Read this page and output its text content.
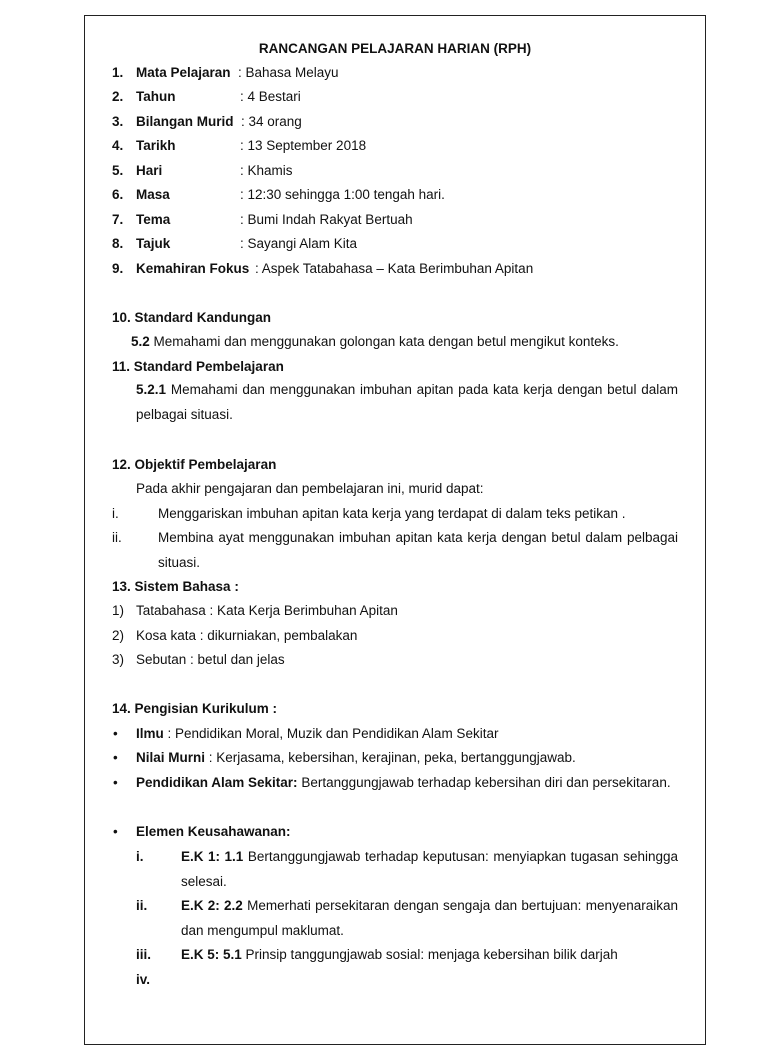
RANCANGAN PELAJARAN HARIAN (RPH)
1. Mata Pelajaran : Bahasa Melayu
2. Tahun	: 4 Bestari
3. Bilangan Murid : 34 orang
4. Tarikh	: 13 September 2018
5. Hari	: Khamis
6. Masa	: 12:30 sehingga 1:00 tengah hari.
7. Tema	: Bumi Indah Rakyat Bertuah
8. Tajuk	: Sayangi Alam Kita
9. Kemahiran Fokus : Aspek Tatabahasa – Kata Berimbuhan Apitan
10. Standard Kandungan
5.2 Memahami dan menggunakan golongan kata dengan betul mengikut konteks.
11. Standard Pembelajaran
5.2.1 Memahami dan menggunakan imbuhan apitan pada kata kerja dengan betul dalam pelbagai situasi.
12. Objektif Pembelajaran
Pada akhir pengajaran dan pembelajaran ini, murid dapat:
i.	Menggariskan imbuhan apitan kata kerja yang terdapat di dalam teks petikan .
ii.	Membina ayat menggunakan imbuhan apitan kata kerja dengan betul dalam pelbagai situasi.
13. Sistem Bahasa :
1) Tatabahasa : Kata Kerja Berimbuhan Apitan
2) Kosa kata : dikurniakan, pembalakan
3) Sebutan : betul dan jelas
14. Pengisian Kurikulum :
• Ilmu : Pendidikan Moral, Muzik dan Pendidikan Alam Sekitar
• Nilai Murni : Kerjasama, kebersihan, kerajinan, peka, bertanggungjawab.
• Pendidikan Alam Sekitar: Bertanggungjawab terhadap kebersihan diri dan persekitaran.
• Elemen Keusahawanan:
i.	E.K 1: 1.1 Bertanggungjawab terhadap keputusan: menyiapkan tugasan sehingga selesai.
ii. E.K 2: 2.2 Memerhati persekitaran dengan sengaja dan bertujuan: menyenaraikan dan mengumpul maklumat.
iii. E.K 5: 5.1 Prinsip tanggungjawab sosial: menjaga kebersihan bilik darjah
iv.
